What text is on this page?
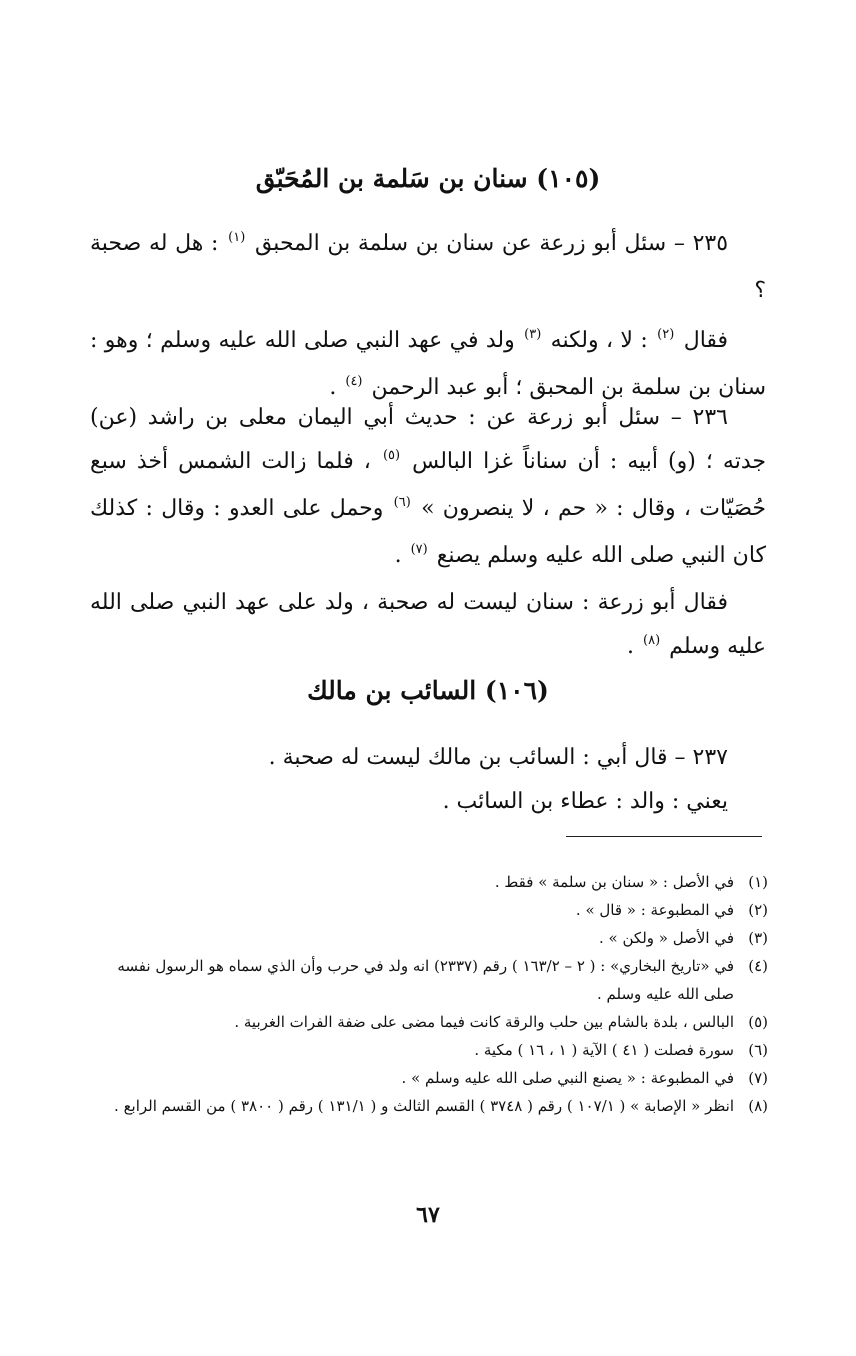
(١٠٥) سنان بن سَلمة بن المُحَبّق

٢٣٥ – سئل أبو زرعة عن سنان بن سلمة بن المحبق $^{(١)}$ : هل له صحبة ؟

فقال $^{(٢)}$ : لا ، ولكنه $^{(٣)}$ ولد في عهد النبي صلى الله عليه وسلم ؛ وهو : سنان بن سلمة بن المحبق ؛ أبو عبد الرحمن $^{(٤)}$ .

٢٣٦ – سئل أبو زرعة عن : حديث أبي اليمان معلى بن راشد (عن) جدته ؛ (و) أبيه : أن سناناً غزا البالس $^{(٥)}$ ، فلما زالت الشمس أخذ سبع حُصَيّات ، وقال : « حم ، لا ينصرون » $^{(٦)}$ وحمل على العدو : وقال : كذلك كان النبي صلى الله عليه وسلم يصنع $^{(٧)}$ .

فقال أبو زرعة : سنان ليست له صحبة ، ولد على عهد النبي صلى الله عليه وسلم $^{(٨)}$ .

(١٠٦) السائب بن مالك

٢٣٧ – قال أبي : السائب بن مالك ليست له صحبة .

يعني : والد : عطاء بن السائب .

(١)
في الأصل : « سنان بن سلمة » فقط .
(٢)
في المطبوعة : « قال » .
(٣)
في الأصل « ولكن » .
(٤)
في «تاريخ البخاري» : ( ٢ – ١٦٣/٢ ) رقم (٢٣٣٧) انه ولد في حرب وأن الذي سماه هو الرسول نفسه صلى الله عليه وسلم .
(٥)
البالس ، بلدة بالشام بين حلب والرقة كانت فيما مضى على ضفة الفرات الغربية .
(٦)
سورة فصلت ( ٤١ ) الآية ( ١ ، ١٦ ) مكية .
(٧)
في المطبوعة : « يصنع النبي صلى الله عليه وسلم » .
(٨)
انظر « الإصابة » ( ١٠٧/١ ) رقم ( ٣٧٤٨ ) القسم الثالث و ( ١٣١/١ ) رقم ( ٣٨٠٠ ) من القسم الرابع .
٦٧
